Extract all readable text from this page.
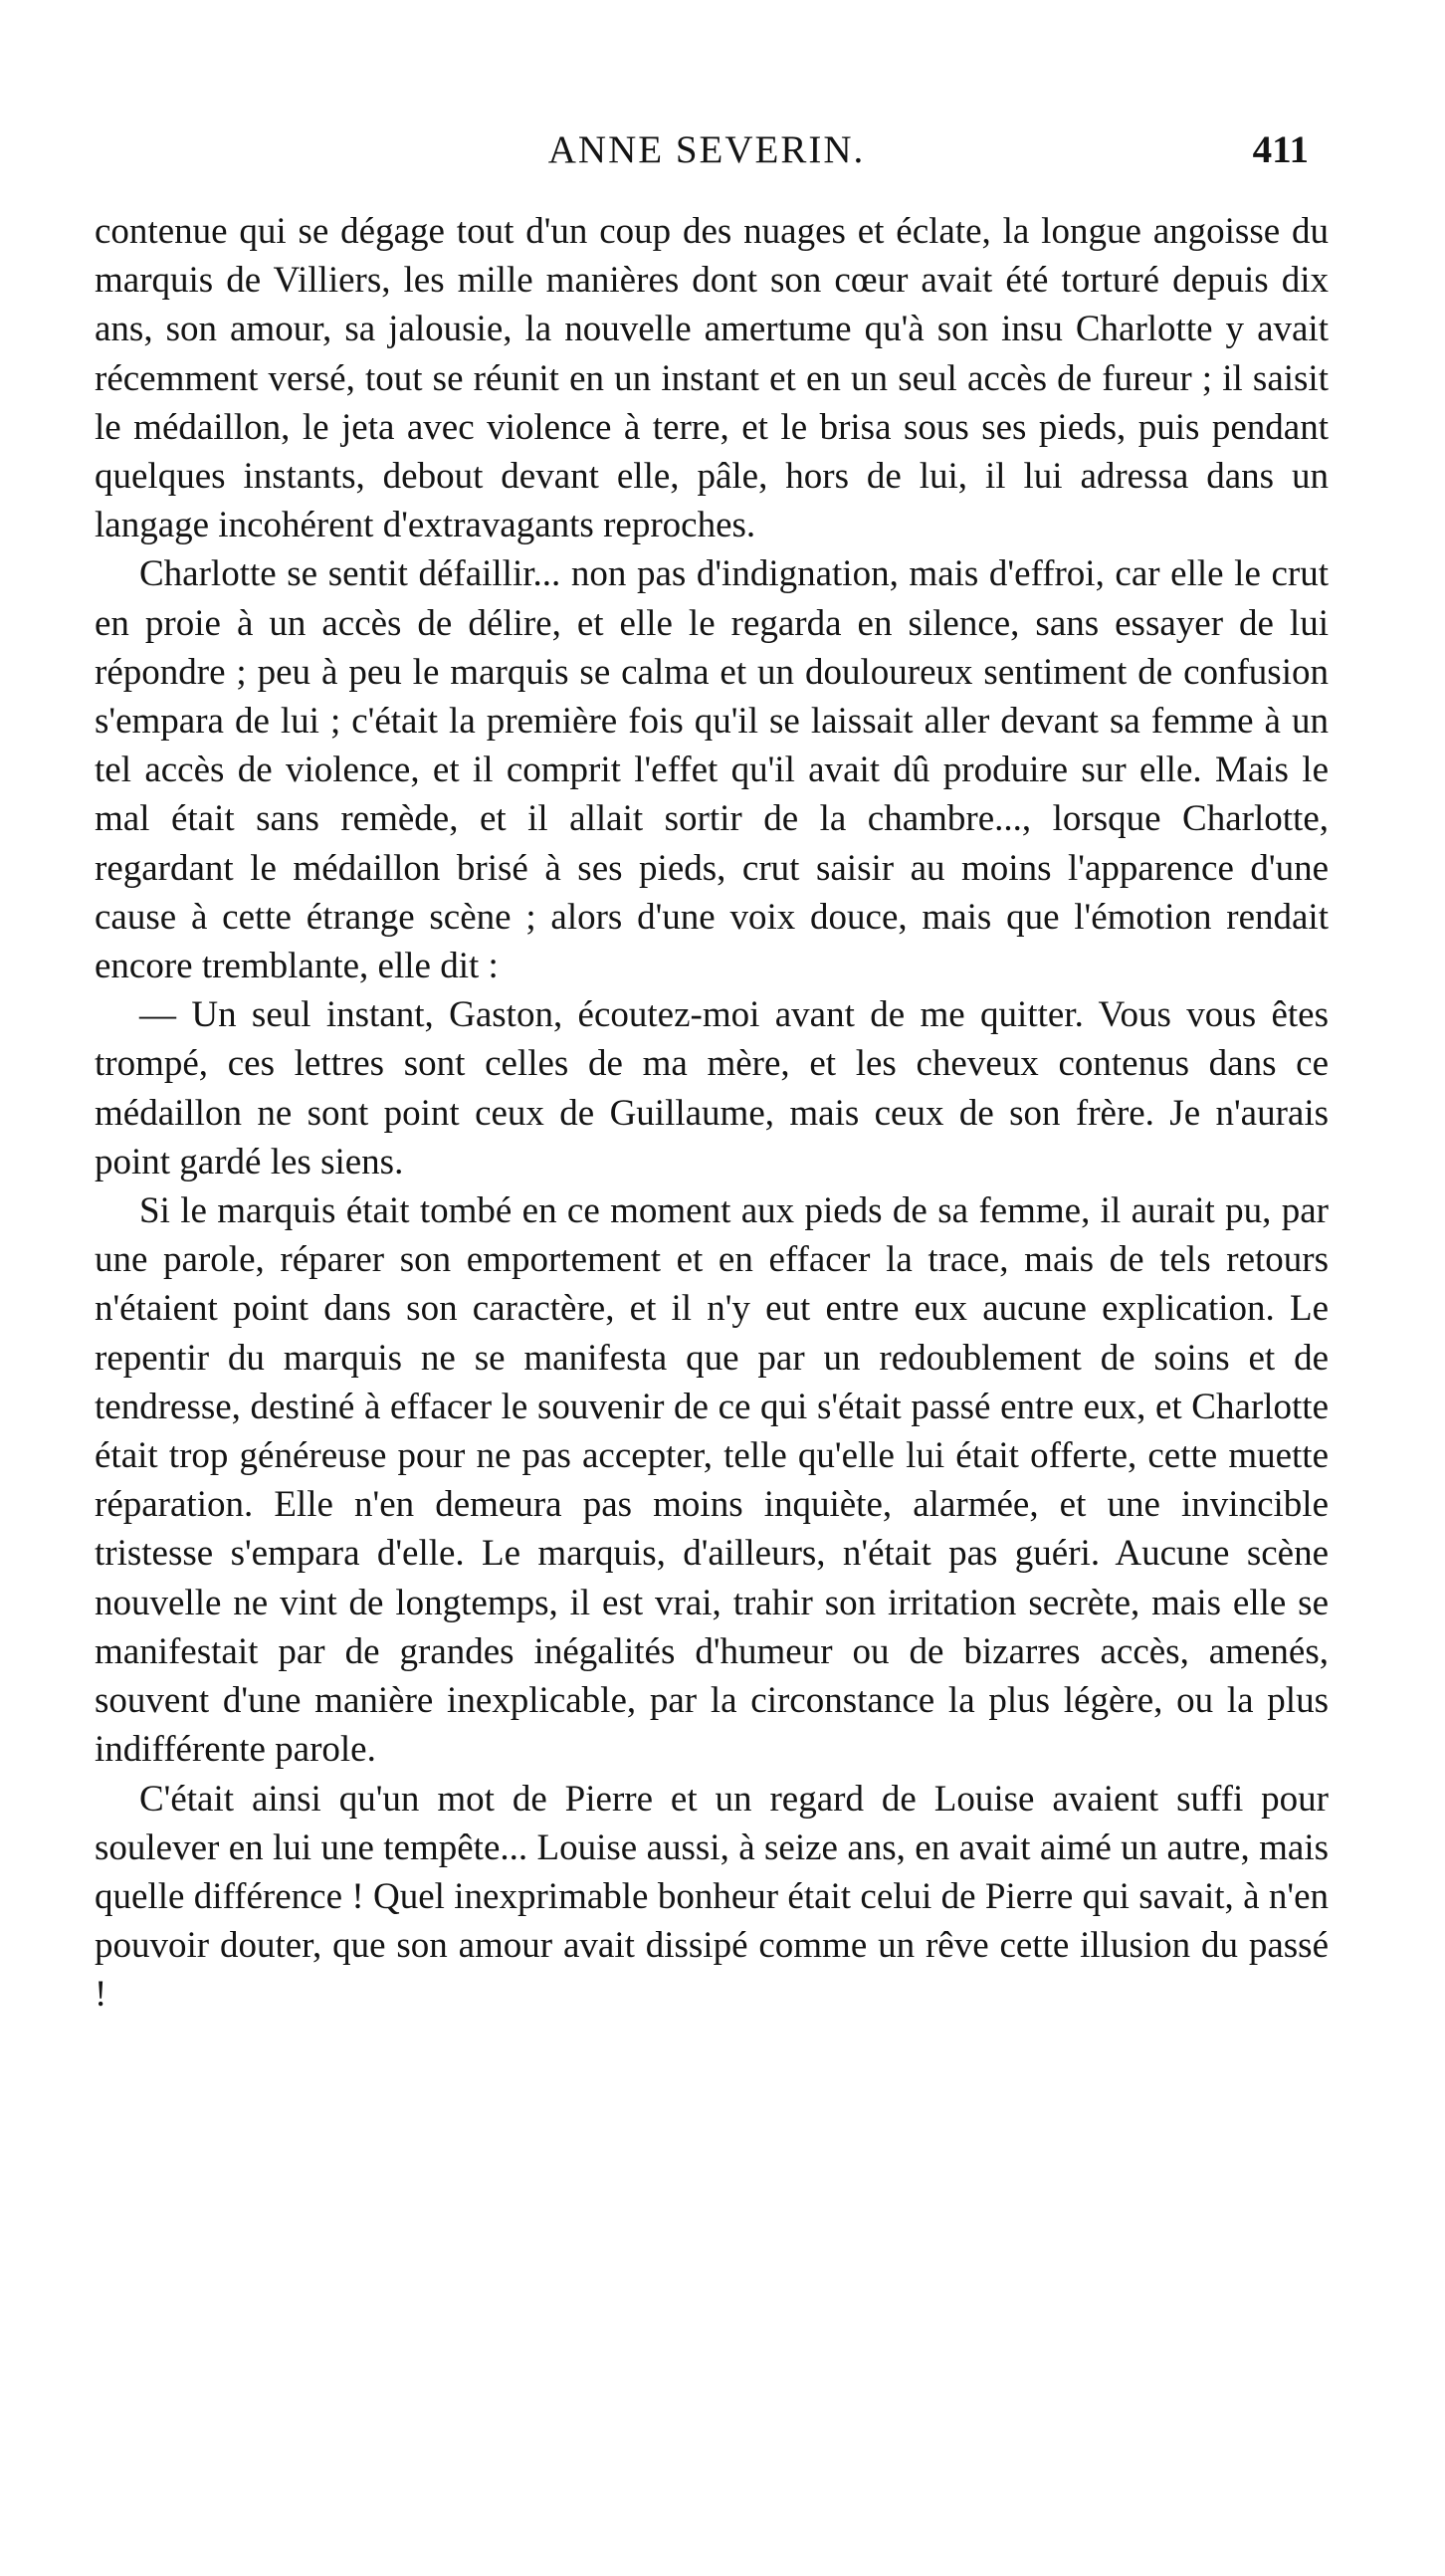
ANNE SEVERIN.	411

contenue qui se dégage tout d'un coup des nuages et éclate, la longue angoisse du marquis de Villiers, les mille manières dont son cœur avait été torturé depuis dix ans, son amour, sa jalousie, la nouvelle amertume qu'à son insu Charlotte y avait récemment versé, tout se réunit en un instant et en un seul accès de fureur ; il saisit le médaillon, le jeta avec violence à terre, et le brisa sous ses pieds, puis pendant quelques instants, debout devant elle, pâle, hors de lui, il lui adressa dans un langage incohérent d'extravagants reproches.

Charlotte se sentit défaillir... non pas d'indignation, mais d'effroi, car elle le crut en proie à un accès de délire, et elle le regarda en silence, sans essayer de lui répondre ; peu à peu le marquis se calma et un douloureux sentiment de confusion s'empara de lui ; c'était la première fois qu'il se laissait aller devant sa femme à un tel accès de violence, et il comprit l'effet qu'il avait dû produire sur elle. Mais le mal était sans remède, et il allait sortir de la chambre..., lorsque Charlotte, regardant le médaillon brisé à ses pieds, crut saisir au moins l'apparence d'une cause à cette étrange scène ; alors d'une voix douce, mais que l'émotion rendait encore tremblante, elle dit :

— Un seul instant, Gaston, écoutez-moi avant de me quitter. Vous vous êtes trompé, ces lettres sont celles de ma mère, et les cheveux contenus dans ce médaillon ne sont point ceux de Guillaume, mais ceux de son frère. Je n'aurais point gardé les siens.

Si le marquis était tombé en ce moment aux pieds de sa femme, il aurait pu, par une parole, réparer son emportement et en effacer la trace, mais de tels retours n'étaient point dans son caractère, et il n'y eut entre eux aucune explication. Le repentir du marquis ne se manifesta que par un redoublement de soins et de tendresse, destiné à effacer le souvenir de ce qui s'était passé entre eux, et Charlotte était trop généreuse pour ne pas accepter, telle qu'elle lui était offerte, cette muette réparation. Elle n'en demeura pas moins inquiète, alarmée, et une invincible tristesse s'empara d'elle. Le marquis, d'ailleurs, n'était pas guéri. Aucune scène nouvelle ne vint de longtemps, il est vrai, trahir son irritation secrète, mais elle se manifestait par de grandes inégalités d'humeur ou de bizarres accès, amenés, souvent d'une manière inexplicable, par la circonstance la plus légère, ou la plus indifférente parole.

C'était ainsi qu'un mot de Pierre et un regard de Louise avaient suffi pour soulever en lui une tempête... Louise aussi, à seize ans, en avait aimé un autre, mais quelle différence ! Quel inexprimable bonheur était celui de Pierre qui savait, à n'en pouvoir douter, que son amour avait dissipé comme un rêve cette illusion du passé !
